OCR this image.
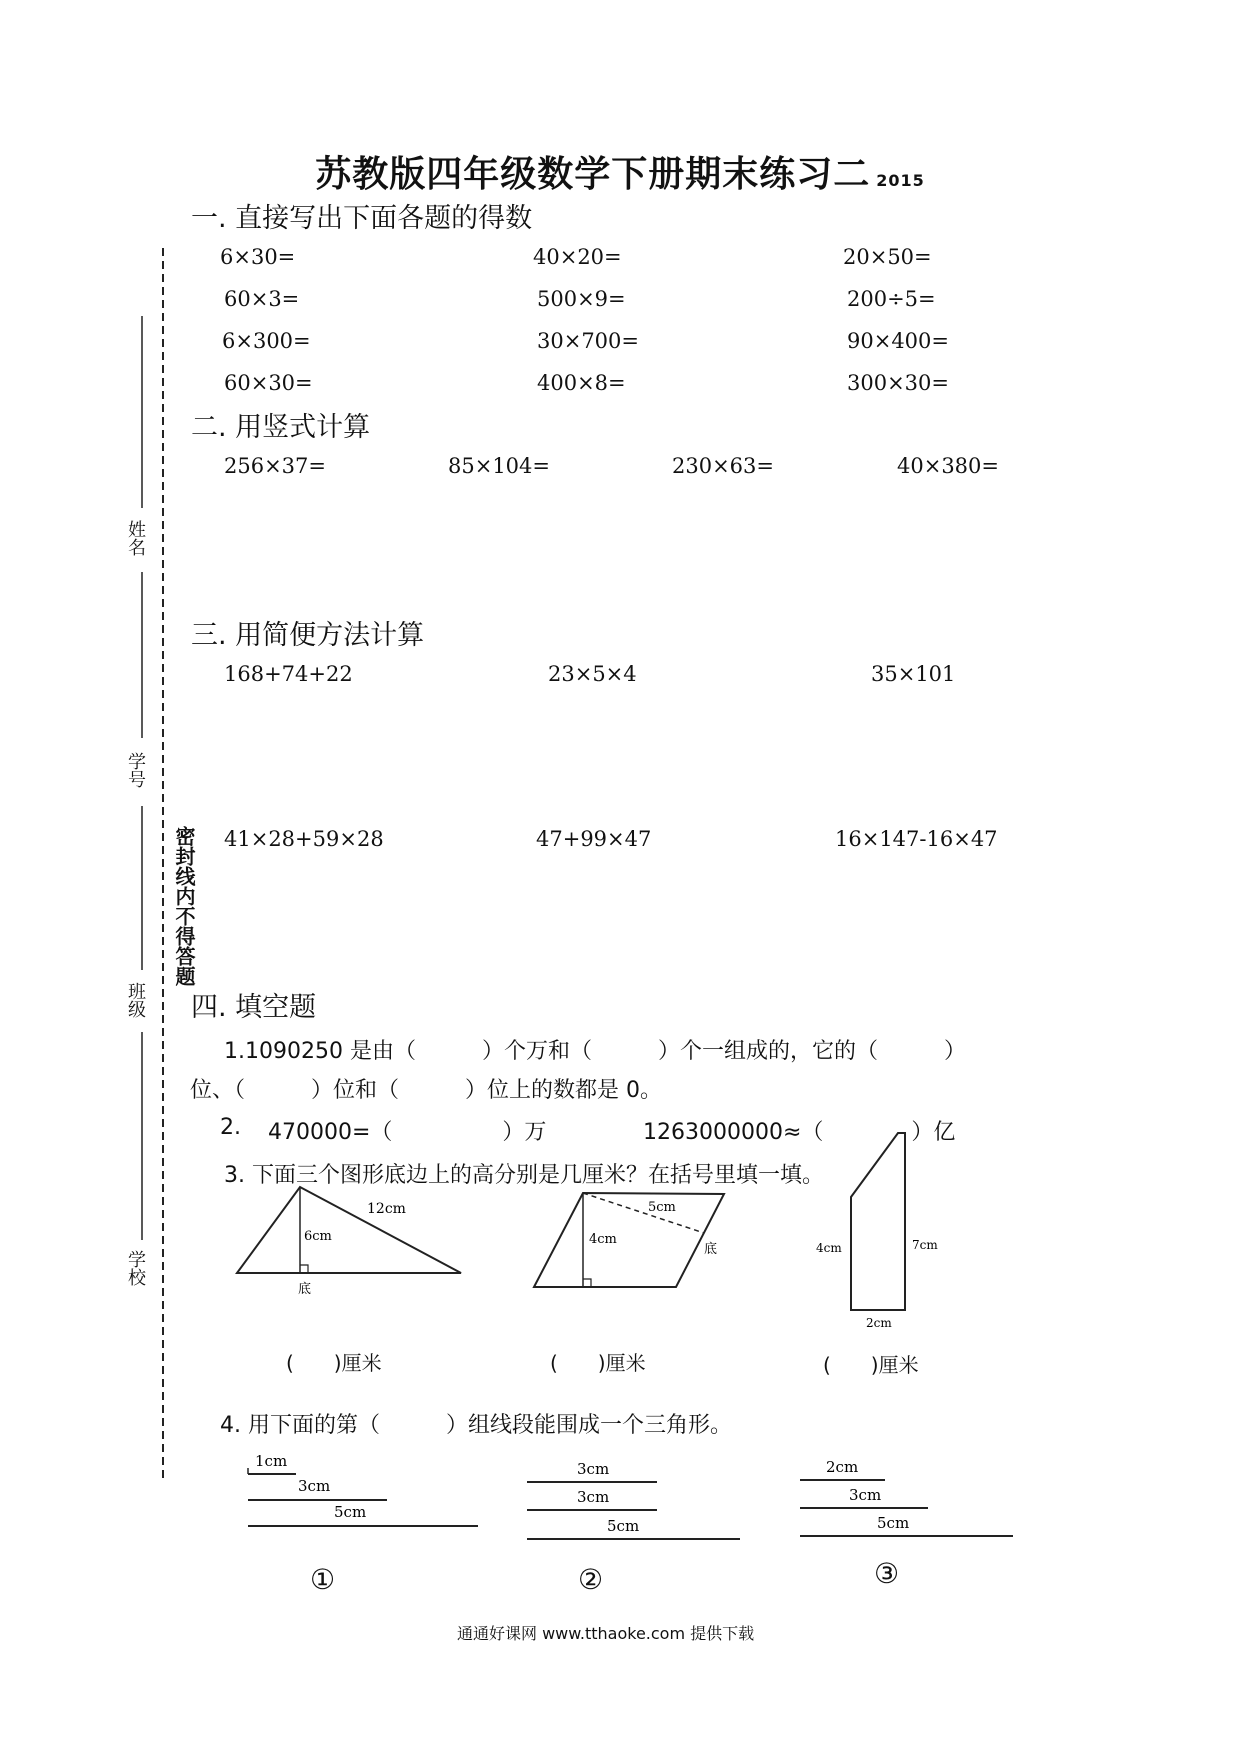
姓名
学号
班级
学校
密封线内不得答题
苏教版四年级数学下册期末练习二 2015
一. 直接写出下面各题的得数
6×30=	40×20=	20×50=
60×3=	500×9=	200÷5=
6×300=	30×700=	90×400=
60×30=	400×8=	300×30=
二. 用竖式计算
256×37=	85×104=	230×63=	40×380=
三. 用简便方法计算
168+74+22	23×5×4	35×101
41×28+59×28	47+99×47	16×147-16×47
四. 填空题
1.1090250 是由（　　　）个万和（　　　）个一组成的，它的（　　　）
位、（　　　）位和（　　　）位上的数都是 0。
2. 470000=（　　　　　）万	1263000000≈（　　　　）亿
3. 下面三个图形底边上的高分别是几厘米？在括号里填一填。
12cm
6cm
底
5cm
4cm
底	4cm	7cm
2cm
(　　)厘米	(　　)厘米	(　　)厘米
4. 用下面的第（　　　）组线段能围成一个三角形。
1cm
3cm
5cm
3cm
3cm
5cm
2cm
3cm
5cm
①	②	③
通通好课网 www.tthaoke.com 提供下载
